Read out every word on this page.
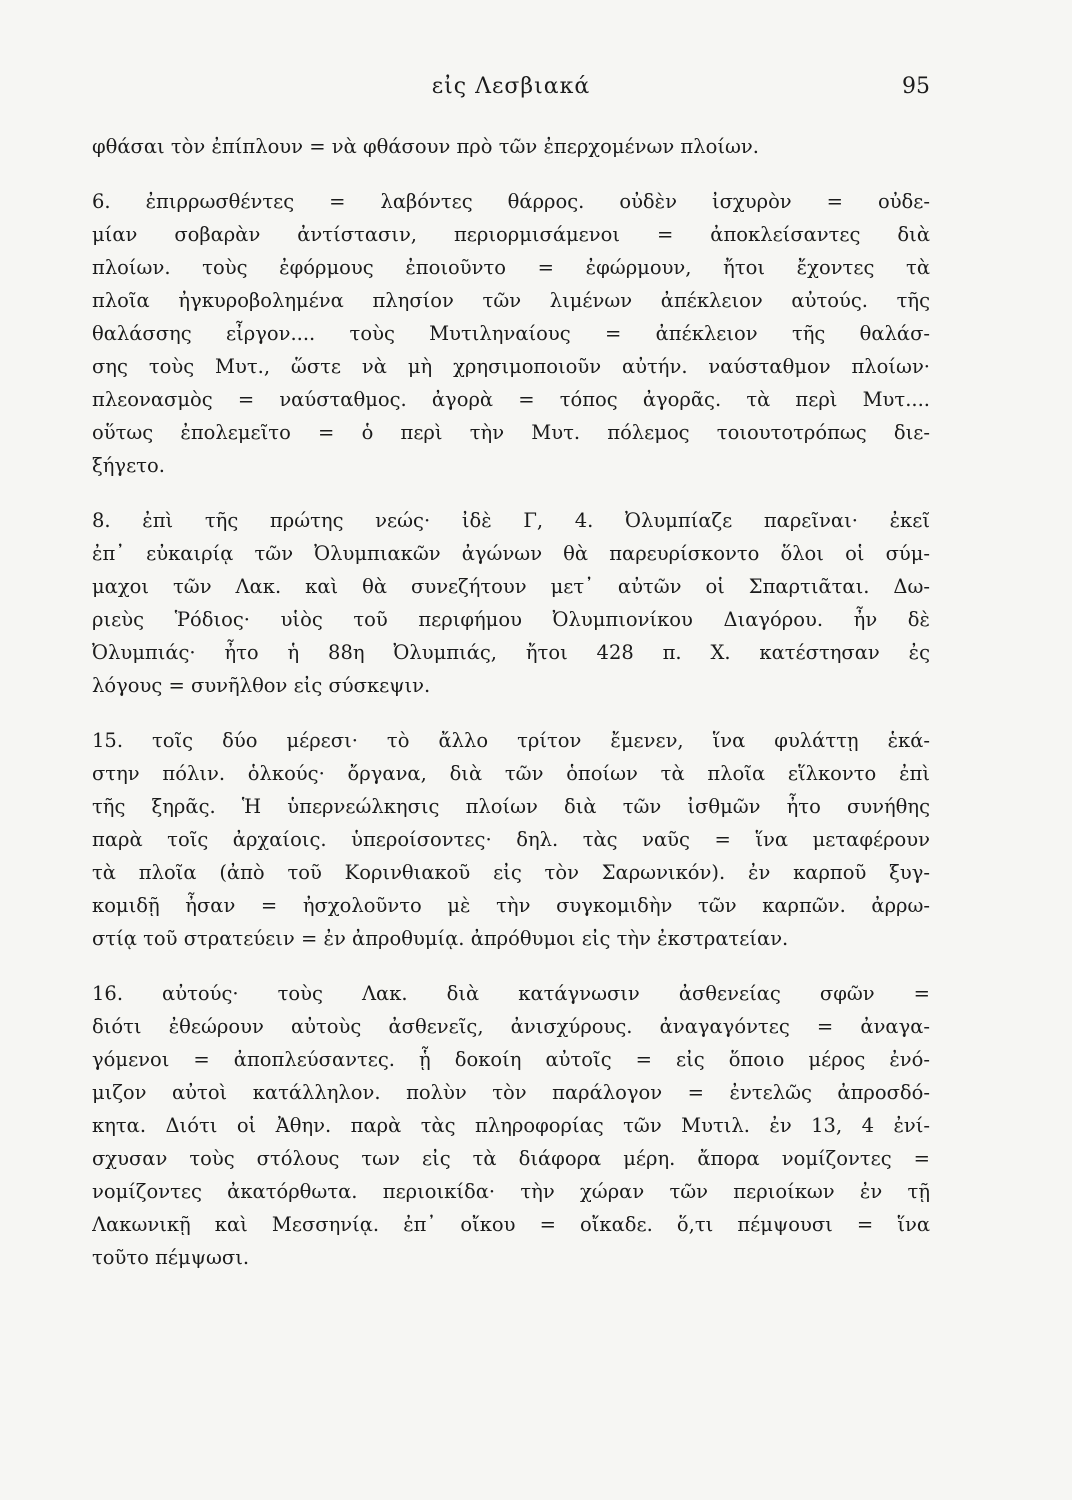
εἰς Λεσβιακά	95
φθάσαι τὸν ἐπίπλουν = νὰ φθάσουν πρὸ τῶν ἐπερχομένων πλοίων.
6. ἐπιρρωσθέντες = λαβόντες θάρρος. οὐδὲν ἰσχυρὸν = οὐδε-
μίαν σοβαρὰν ἀντίστασιν, περιορμισάμενοι = ἀποκλείσαντες διὰ
πλοίων. τοὺς ἐφόρμους ἐποιοῦντο = ἐφώρμουν, ἤτοι ἔχοντες τὰ
πλοῖα ἠγκυροβολημένα πλησίον τῶν λιμένων ἀπέκλειον αὐτούς. τῆς
θαλάσσης εἶργον.... τοὺς Μυτιληναίους = ἀπέκλειον τῆς θαλάσ-
σης τοὺς Μυτ., ὥστε νὰ μὴ χρησιμοποιοῦν αὐτήν. ναύσταθμον πλοίων·
πλεονασμὸς = ναύσταθμος. ἀγορὰ = τόπος ἀγορᾶς. τὰ περὶ Μυτ....
οὕτως ἐπολεμεῖτο = ὁ περὶ τὴν Μυτ. πόλεμος τοιουτοτρόπως διε-
ξήγετο.
8. ἐπὶ τῆς πρώτης νεώς· ἰδὲ Γ, 4. Ὀλυμπίαζε παρεῖναι· ἐκεῖ
ἐπ᾿ εὐκαιρίᾳ τῶν Ὀλυμπιακῶν ἀγώνων θὰ παρευρίσκοντο ὅλοι οἱ σύμ-
μαχοι τῶν Λακ. καὶ θὰ συνεζήτουν μετ᾿ αὐτῶν οἱ Σπαρτιᾶται. Δω-
ριεὺς Ῥόδιος· υἱὸς τοῦ περιφήμου Ὀλυμπιονίκου Διαγόρου. ἦν δὲ
Ὀλυμπιάς· ἦτο ἡ 88η Ὀλυμπιάς, ἤτοι 428 π. Χ. κατέστησαν ἐς
λόγους = συνῆλθον εἰς σύσκεψιν.
15. τοῖς δύο μέρεσι· τὸ ἄλλο τρίτον ἔμενεν, ἵνα φυλάττῃ ἑκά-
στην πόλιν. ὁλκούς· ὄργανα, διὰ τῶν ὁποίων τὰ πλοῖα εἵλκοντο ἐπὶ
τῆς ξηρᾶς. Ἡ ὑπερνεώλκησις πλοίων διὰ τῶν ἰσθμῶν ἦτο συνήθης
παρὰ τοῖς ἀρχαίοις. ὑπερoίσοντες· δηλ. τὰς ναῦς = ἵνα μεταφέρουν
τὰ πλοῖα (ἀπὸ τοῦ Κορινθιακοῦ εἰς τὸν Σαρωνικόν). ἐν καρποῦ ξυγ-
κομιδῇ ἦσαν = ἠσχολοῦντο μὲ τὴν συγκομιδὴν τῶν καρπῶν. ἀρρω-
στίᾳ τοῦ στρατεύειν = ἐν ἀπροθυμίᾳ. ἀπρόθυμοι εἰς τὴν ἐκστρατείαν.
16. αὐτούς· τοὺς Λακ. διὰ κατάγνωσιν ἀσθενείας σφῶν =
διότι ἐθεώρουν αὐτοὺς ἀσθενεῖς, ἀνισχύρους. ἀναγαγόντες = ἀναγα-
γόμενοι = ἀποπλεύσαντες. ᾗ δοκοίη αὐτοῖς = εἰς ὅποιο μέρος ἐνό-
μιζον αὐτοὶ κατάλληλον. πολὺν τὸν παράλογον = ἐντελῶς ἀπροσδό-
κητα. Διότι οἱ Ἀθην. παρὰ τὰς πληροφορίας τῶν Μυτιλ. ἐν 13, 4 ἐνί-
σχυσαν τοὺς στόλους των εἰς τὰ διάφορα μέρη. ἄπορα νομίζοντες =
νομίζοντες ἀκατόρθωτα. περιοικίδα· τὴν χώραν τῶν περιοίκων ἐν τῇ
Λακωνικῇ καὶ Μεσσηνίᾳ. ἐπ᾿ οἴκου = οἴκαδε. ὅ,τι πέμψουσι = ἵνα
τοῦτο πέμψωσι.
